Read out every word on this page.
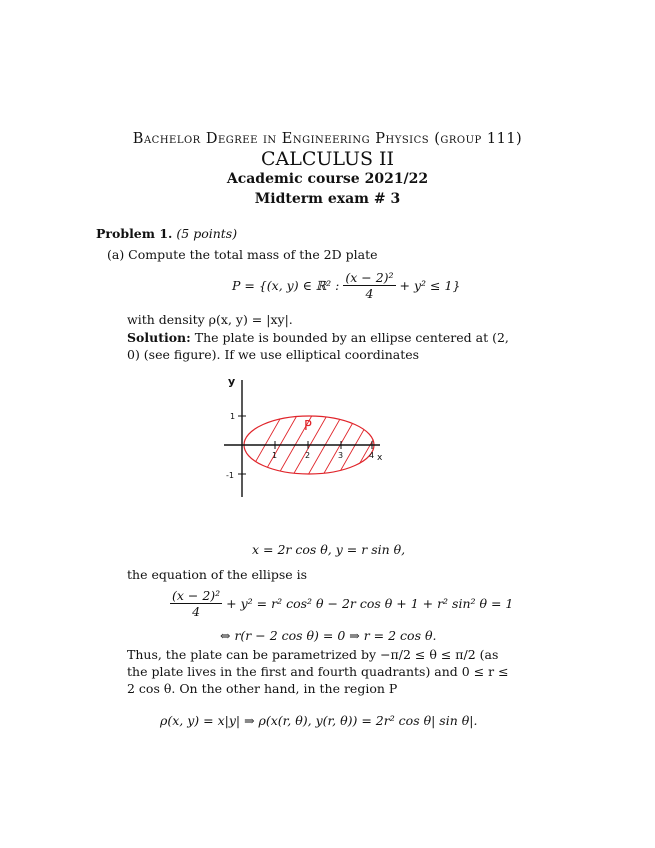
Bachelor Degree in Engineering Physics (group 111)
CALCULUS II
Academic course 2021/22
Midterm exam # 3
Problem 1. (5 points)
(a) Compute the total mass of the 2D plate
P = {(x, y) ∈ ℝ² : $\frac{\text{(x − 2)²}}{4} + y^2 \le 1$}
with density ρ(x, y) = |xy|.
Solution: The plate is bounded by an ellipse centered at (2, 0) (see figure). If we use elliptical coordinates
y
x
1
-1
1	2	3	4
P
x = 2r cos θ, y = r sin θ,
the equation of the ellipse is
$\frac{\text{(x − 2)²}}{4} + y^2 = r^2$ cos² θ − 2r cos θ + 1 + r² sin² θ = 1
⇔ r(r − 2 cos θ) = 0 ⇒ r = 2 cos θ.
Thus, the plate can be parametrized by −π/2 ≤ θ ≤ π/2 (as the plate lives in the first and fourth quadrants) and 0 ≤ r ≤ 2 cos θ. On the other hand, in the region P
ρ(x, y) = x|y| ⇒ ρ(x(r, θ), y(r, θ)) = 2r² cos θ| sin θ|.
